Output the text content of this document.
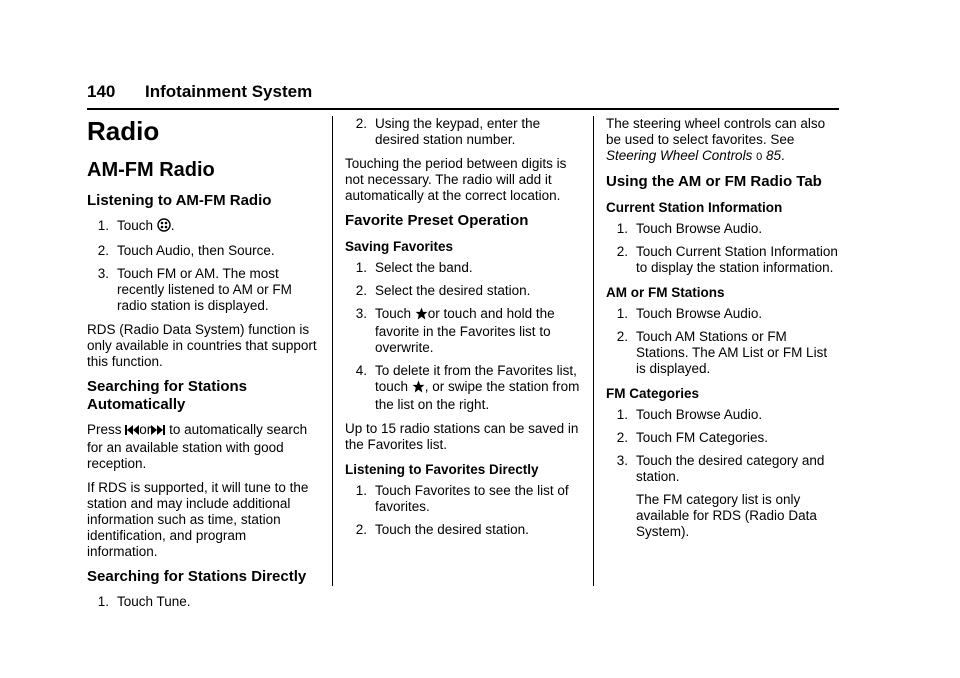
140 Infotainment System
Radio
AM-FM Radio
Listening to AM-FM Radio
1. Touch .
2. Touch Audio, then Source.
3. Touch FM or AM. The most recently listened to AM or FM radio station is displayed.

RDS (Radio Data System) function is only available in countries that support this function.

Searching for Stations Automatically

Press or to automatically search for an available station with good reception.

If RDS is supported, it will tune to the station and may include additional information such as time, station identification, and program information.

Searching for Stations Directly
1. Touch Tune.
2. Using the keypad, enter the desired station number.

Touching the period between digits is not necessary. The radio will add it automatically at the correct location.

Favorite Preset Operation
Saving Favorites
1. Select the band.
2. Select the desired station.
3. Touch or touch and hold the favorite in the Favorites list to overwrite.
4. To delete it from the Favorites list, touch , or swipe the station from the list on the right.

Up to 15 radio stations can be saved in the Favorites list.

Listening to Favorites Directly
1. Touch Favorites to see the list of favorites.
2. Touch the desired station.

The steering wheel controls can also be used to select favorites. See Steering Wheel Controls 0 85.

Using the AM or FM Radio Tab
Current Station Information
1. Touch Browse Audio.
2. Touch Current Station Information to display the station information.
AM or FM Stations
1. Touch Browse Audio.
2. Touch AM Stations or FM Stations. The AM List or FM List is displayed.
FM Categories
1. Touch Browse Audio.
2. Touch FM Categories.
3. Touch the desired category and station.
The FM category list is only available for RDS (Radio Data System).
